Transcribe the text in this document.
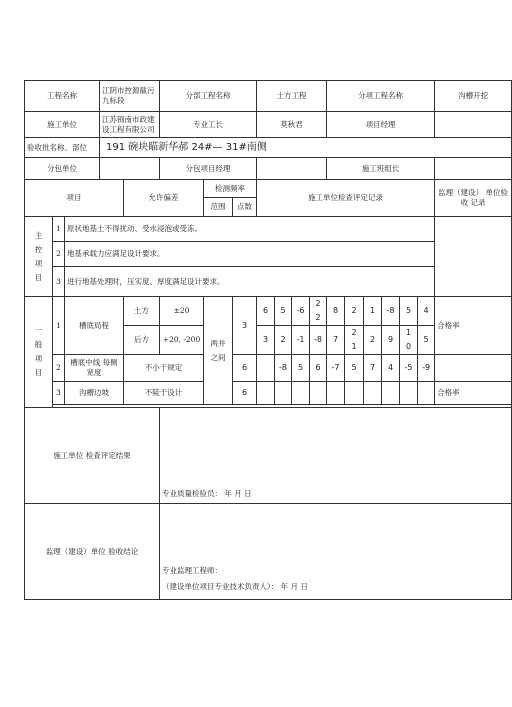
工程名称			江阴市控源截污 九标段		分部工程名称			土方工程				分项工程名称						沟槽开挖
施工单位			江苏锦南市政建 设工程有限公司		专业工长			莫秋君				项目经理						
验收批名称、部位			191 碗块瞄新华郝 24#— 31#南侧															
分包单位					分包项目经理							施工班组长						
项目				允许偏差		检测频率		施工单位检查评定记录										监理（建设） 单位验收 记录
						范围	点数											
主控项目	1	原状地基土不得扰动、受水浸泡或受冻。																
	2	地基承载力应满足设计要求。																
	3	进行地基处理时，压实度、厚度满足设计要求。																
一般项目	1	槽底局程		土方	±20	两井之间	3	6	5	-6	22	8	2	1	-8	5	4	合格率
				后方	+20, -200			3	2	-1	-8	7	21	2	9	10	5	
	2	槽底中线 每侧宽度		不小于规定			6		-8	5	6	-7	5	7	4	-5	-9	
	3	沟槽边坡		不陡于设计			6											合格率

施工单位 检查评定结果					专业质量检验员： 年 月 日													
监理（建设）单位 验收结论					专业监理工程师：
（建设单位项目专业技术负责人）： 年 月 日													
